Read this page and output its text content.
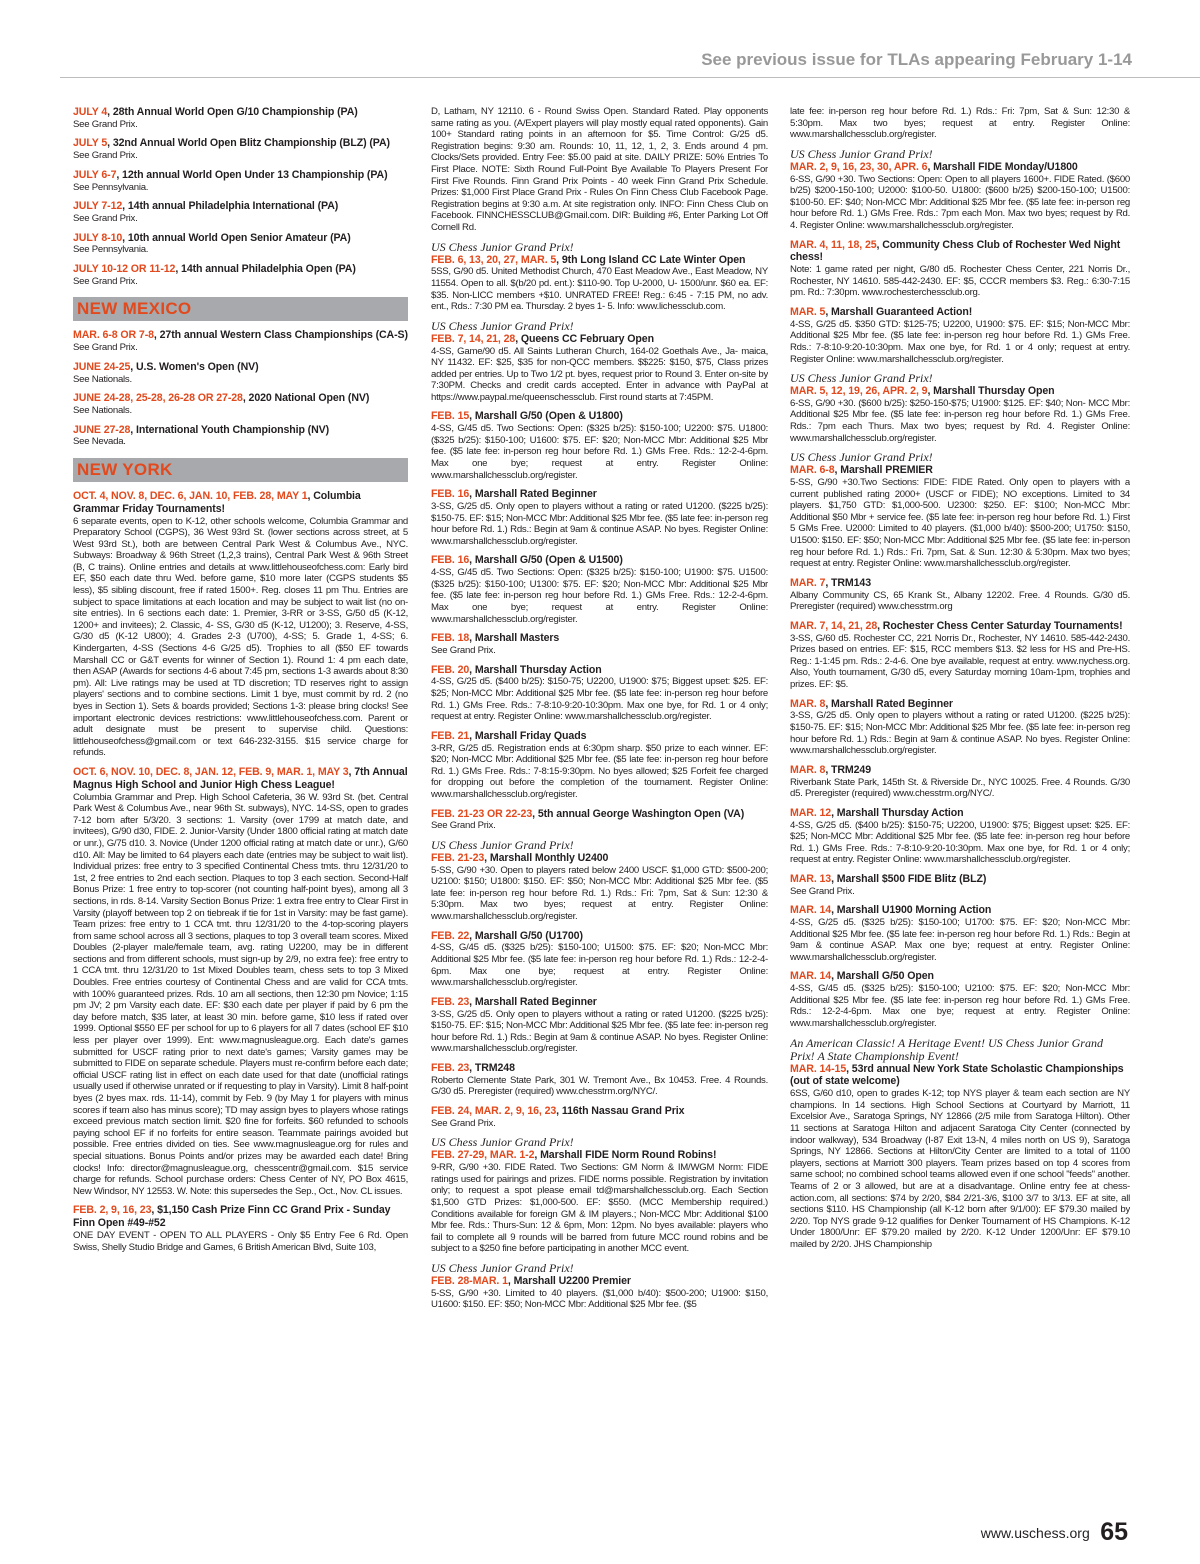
See previous issue for TLAs appearing February 1-14
JULY 4, 28th Annual World Open G/10 Championship (PA)
See Grand Prix.
JULY 5, 32nd Annual World Open Blitz Championship (BLZ) (PA)
See Grand Prix.
JULY 6-7, 12th annual World Open Under 13 Championship (PA)
See Pennsylvania.
JULY 7-12, 14th annual Philadelphia International (PA)
See Grand Prix.
JULY 8-10, 10th annual World Open Senior Amateur (PA)
See Pennsylvania.
JULY 10-12 OR 11-12, 14th annual Philadelphia Open (PA)
See Grand Prix.
NEW MEXICO
MAR. 6-8 OR 7-8, 27th annual Western Class Championships (CA-S)
See Grand Prix.
JUNE 24-25, U.S. Women's Open (NV)
See Nationals.
JUNE 24-28, 25-28, 26-28 OR 27-28, 2020 National Open (NV)
See Nationals.
JUNE 27-28, International Youth Championship (NV)
See Nevada.
NEW YORK
OCT. 4, NOV. 8, DEC. 6, JAN. 10, FEB. 28, MAY 1, Columbia Grammar Friday Tournaments!
6 separate events, open to K-12, other schools welcome, Columbia Grammar and Preparatory School (CGPS), 36 West 93rd St. (lower sections across street, at 5 West 93rd St.), both are between Central Park West & Columbus Ave., NYC. Subways: Broadway & 96th Street (1,2,3 trains), Central Park West & 96th Street (B, C trains). Online entries and details at www.littlehouseofchess.com: Early bird EF, $50 each date thru Wed. before game, $10 more later (CGPS students $5 less), $5 sibling discount, free if rated 1500+. Reg. closes 11 pm Thu. Entries are subject to space limitations at each location and may be subject to wait list (no on-site entries). In 6 sections each date: 1. Premier, 3-RR or 3-SS, G/50 d5 (K-12, 1200+ and invitees); 2. Classic, 4- SS, G/30 d5 (K-12, U1200); 3. Reserve, 4-SS, G/30 d5 (K-12 U800); 4. Grades 2-3 (U700), 4-SS; 5. Grade 1, 4-SS; 6. Kindergarten, 4-SS (Sections 4-6 G/25 d5). Trophies to all ($50 EF towards Marshall CC or G&T events for winner of Section 1). Round 1: 4 pm each date, then ASAP (Awards for sections 4-6 about 7:45 pm, sections 1-3 awards about 8:30 pm). All: Live ratings may be used at TD discretion; TD reserves right to assign players' sections and to combine sections. Limit 1 bye, must commit by rd. 2 (no byes in Section 1). Sets & boards provided; Sections 1-3: please bring clocks! See important electronic devices restrictions: www.littlehouseofchess.com. Parent or adult designate must be present to supervise child. Questions: littlehouseofchess@gmail.com or text 646-232-3155. $15 service charge for refunds.
OCT. 6, NOV. 10, DEC. 8, JAN. 12, FEB. 9, MAR. 1, MAY 3, 7th Annual Magnus High School and Junior High Chess League!
Columbia Grammar and Prep. High School Cafeteria, 36 W. 93rd St. (bet. Central Park West & Columbus Ave., near 96th St. subways), NYC. 14-SS, open to grades 7-12 born after 5/3/20. 3 sections: 1. Varsity (over 1799 at match date, and invitees), G/90 d30, FIDE. 2. Junior-Varsity (Under 1800 official rating at match date or unr.), G/75 d10. 3. Novice (Under 1200 official rating at match date or unr.), G/60 d10. All: May be limited to 64 players each date (entries may be subject to wait list). Individual prizes: free entry to 3 specified Continental Chess tmts. thru 12/31/20 to 1st, 2 free entries to 2nd each section. Plaques to top 3 each section. Second-Half Bonus Prize: 1 free entry to top-scorer (not counting half-point byes), among all 3 sections, in rds. 8-14. Varsity Section Bonus Prize: 1 extra free entry to Clear First in Varsity (playoff between top 2 on tiebreak if tie for 1st in Varsity: may be fast game). Team prizes: free entry to 1 CCA tmt. thru 12/31/20 to the 4-top-scoring players from same school across all 3 sections, plaques to top 3 overall team scores. Mixed Doubles (2-player male/female team, avg. rating U2200, may be in different sections and from different schools, must sign-up by 2/9, no extra fee): free entry to 1 CCA tmt. thru 12/31/20 to 1st Mixed Doubles team, chess sets to top 3 Mixed Doubles. Free entries courtesy of Continental Chess and are valid for CCA tmts. with 100% guaranteed prizes. Rds. 10 am all sections, then 12:30 pm Novice; 1:15 pm JV; 2 pm Varsity each date. EF: $30 each date per player if paid by 6 pm the day before match, $35 later, at least 30 min. before game, $10 less if rated over 1999. Optional $550 EF per school for up to 6 players for all 7 dates (school EF $10 less per player over 1999). Ent: www.magnusleague.org. Each date's games submitted for USCF rating prior to next date's games; Varsity games may be submitted to FIDE on separate schedule. Players must re-confirm before each date; official USCF rating list in effect on each date used for that date (unofficial ratings usually used if otherwise unrated or if requesting to play in Varsity). Limit 8 half-point byes (2 byes max. rds. 11-14), commit by Feb. 9 (by May 1 for players with minus scores if team also has minus score); TD may assign byes to players whose ratings exceed previous match section limit. $20 fine for forfeits. $60 refunded to schools paying school EF if no forfeits for entire season. Teammate pairings avoided but possible. Free entries divided on ties. See www.magnusleague.org for rules and special situations. Bonus Points and/or prizes may be awarded each date! Bring clocks! Info: director@magnusleague.org, chesscentr@gmail.com. $15 service charge for refunds. School purchase orders: Chess Center of NY, PO Box 4615, New Windsor, NY 12553. W. Note: this supersedes the Sep., Oct., Nov. CL issues.
FEB. 2, 9, 16, 23, $1,150 Cash Prize Finn CC Grand Prix - Sunday Finn Open #49-#52
ONE DAY EVENT - OPEN TO ALL PLAYERS - Only $5 Entry Fee 6 Rd. Open Swiss, Shelly Studio Bridge and Games, 6 British American Blvd, Suite 103,
D, Latham, NY 12110. 6 - Round Swiss Open. Standard Rated. Play opponents same rating as you. (A/Expert players will play mostly equal rated opponents). Gain 100+ Standard rating points in an afternoon for $5. Time Control: G/25 d5. Registration begins: 9:30 am. Rounds: 10, 11, 12, 1, 2, 3. Ends around 4 pm. Clocks/Sets provided. Entry Fee: $5.00 paid at site. DAILY PRIZE: 50% Entries To First Place. NOTE: Sixth Round Full-Point Bye Available To Players Present For First Five Rounds. Finn Grand Prix Points - 40 week Finn Grand Prix Schedule. Prizes: $1,000 First Place Grand Prix - Rules On Finn Chess Club Facebook Page. Registration begins at 9:30 a.m. At site registration only. INFO: Finn Chess Club on Facebook. FINNCHESSCLUB@Gmail.com. DIR: Building #6, Enter Parking Lot Off Cornell Rd.
US Chess Junior Grand Prix!
FEB. 6, 13, 20, 27, MAR. 5, 9th Long Island CC Late Winter Open
5SS, G/90 d5. United Methodist Church, 470 East Meadow Ave., East Meadow, NY 11554. Open to all. $(b/20 pd. ent.): $110-90. Top U-2000, U- 1500/unr. $60 ea. EF: $35. Non-LICC members +$10. UNRATED FREE! Reg.: 6:45 - 7:15 PM, no adv. ent., Rds.: 7:30 PM ea. Thursday. 2 byes 1- 5. Info: www.lichessclub.com.
US Chess Junior Grand Prix!
FEB. 7, 14, 21, 28, Queens CC February Open
4-SS, Game/90 d5. All Saints Lutheran Church, 164-02 Goethals Ave., Ja- maica, NY 11432. EF: $25, $35 for non-QCC members. $$225: $150, $75, Class prizes added per entries. Up to Two 1/2 pt. byes, request prior to Round 3. Enter on-site by 7:30PM. Checks and credit cards accepted. Enter in advance with PayPal at https://www.paypal.me/queenschessclub. First round starts at 7:45PM.
FEB. 15, Marshall G/50 (Open & U1800)
4-SS, G/45 d5. Two Sections: Open: ($325 b/25): $150-100; U2200: $75. U1800: ($325 b/25): $150-100; U1600: $75. EF: $20; Non-MCC Mbr: Additional $25 Mbr fee. ($5 late fee: in-person reg hour before Rd. 1.) GMs Free. Rds.: 12-2-4-6pm. Max one bye; request at entry. Register Online: www.marshallchessclub.org/register.
FEB. 16, Marshall Rated Beginner
3-SS, G/25 d5. Only open to players without a rating or rated U1200. ($225 b/25): $150-75. EF: $15; Non-MCC Mbr: Additional $25 Mbr fee. ($5 late fee: in-person reg hour before Rd. 1.) Rds.: Begin at 9am & continue ASAP. No byes. Register Online: www.marshallchessclub.org/register.
FEB. 16, Marshall G/50 (Open & U1500)
4-SS, G/45 d5. Two Sections: Open: ($325 b/25): $150-100; U1900: $75. U1500: ($325 b/25): $150-100; U1300: $75. EF: $20; Non-MCC Mbr: Additional $25 Mbr fee. ($5 late fee: in-person reg hour before Rd. 1.) GMs Free. Rds.: 12-2-4-6pm. Max one bye; request at entry. Register Online: www.marshallchessclub.org/register.
FEB. 18, Marshall Masters
See Grand Prix.
FEB. 20, Marshall Thursday Action
4-SS, G/25 d5. ($400 b/25): $150-75; U2200, U1900: $75; Biggest upset: $25. EF: $25; Non-MCC Mbr: Additional $25 Mbr fee. ($5 late fee: in-person reg hour before Rd. 1.) GMs Free. Rds.: 7-8:10-9:20-10:30pm. Max one bye, for Rd. 1 or 4 only; request at entry. Register Online: www.marshallchessclub.org/register.
FEB. 21, Marshall Friday Quads
3-RR, G/25 d5. Registration ends at 6:30pm sharp. $50 prize to each winner. EF: $20; Non-MCC Mbr: Additional $25 Mbr fee. ($5 late fee: in-person reg hour before Rd. 1.) GMs Free. Rds.: 7-8:15-9:30pm. No byes allowed; $25 Forfeit fee charged for dropping out before the completion of the tournament. Register Online: www.marshallchessclub.org/register.
FEB. 21-23 OR 22-23, 5th annual George Washington Open (VA)
See Grand Prix.
US Chess Junior Grand Prix!
FEB. 21-23, Marshall Monthly U2400
5-SS, G/90 +30. Open to players rated below 2400 USCF. $1,000 GTD: $500-200; U2100: $150; U1800: $150. EF: $50; Non-MCC Mbr: Additional $25 Mbr fee. ($5 late fee: in-person reg hour before Rd. 1.) Rds.: Fri: 7pm, Sat & Sun: 12:30 & 5:30pm. Max two byes; request at entry. Register Online: www.marshallchessclub.org/register.
FEB. 22, Marshall G/50 (U1700)
4-SS, G/45 d5. ($325 b/25): $150-100; U1500: $75. EF: $20; Non-MCC Mbr: Additional $25 Mbr fee. ($5 late fee: in-person reg hour before Rd. 1.) Rds.: 12-2-4-6pm. Max one bye; request at entry. Register Online: www.marshallchessclub.org/register.
FEB. 23, Marshall Rated Beginner
3-SS, G/25 d5. Only open to players without a rating or rated U1200. ($225 b/25): $150-75. EF: $15; Non-MCC Mbr: Additional $25 Mbr fee. ($5 late fee: in-person reg hour before Rd. 1.) Rds.: Begin at 9am & continue ASAP. No byes. Register Online: www.marshallchessclub.org/register.
FEB. 23, TRM248
Roberto Clemente State Park, 301 W. Tremont Ave., Bx 10453. Free. 4 Rounds. G/30 d5. Preregister (required) www.chesstrm.org/NYC/.
FEB. 24, MAR. 2, 9, 16, 23, 116th Nassau Grand Prix
See Grand Prix.
US Chess Junior Grand Prix!
FEB. 27-29, MAR. 1-2, Marshall FIDE Norm Round Robins!
9-RR, G/90 +30. FIDE Rated. Two Sections: GM Norm & IM/WGM Norm: FIDE ratings used for pairings and prizes. FIDE norms possible. Registration by invitation only; to request a spot please email td@marshallchessclub.org. Each Section $1,500 GTD Prizes: $1,000-500. EF: $550. (MCC Membership required.) Conditions available for foreign GM & IM players.; Non-MCC Mbr: Additional $100 Mbr fee. Rds.: Thurs-Sun: 12 & 6pm, Mon: 12pm. No byes available: players who fail to complete all 9 rounds will be barred from future MCC round robins and be subject to a $250 fine before participating in another MCC event.
US Chess Junior Grand Prix!
FEB. 28-MAR. 1, Marshall U2200 Premier
5-SS, G/90 +30. Limited to 40 players. ($1,000 b/40): $500-200; U1900: $150, U1600: $150. EF: $50; Non-MCC Mbr: Additional $25 Mbr fee. ($5
late fee: in-person reg hour before Rd. 1.) Rds.: Fri: 7pm, Sat & Sun: 12:30 & 5:30pm. Max two byes; request at entry. Register Online: www.marshallchessclub.org/register.
US Chess Junior Grand Prix!
MAR. 2, 9, 16, 23, 30, APR. 6, Marshall FIDE Monday/U1800
6-SS, G/90 +30. Two Sections: Open: Open to all players 1600+. FIDE Rated. ($600 b/25) $200-150-100; U2000: $100-50. U1800: ($600 b/25) $200-150-100; U1500: $100-50. EF: $40; Non-MCC Mbr: Additional $25 Mbr fee. ($5 late fee: in-person reg hour before Rd. 1.) GMs Free. Rds.: 7pm each Mon. Max two byes; request by Rd. 4. Register Online: www.marshallchessclub.org/register.
MAR. 4, 11, 18, 25, Community Chess Club of Rochester Wed Night chess!
Note: 1 game rated per night, G/80 d5. Rochester Chess Center, 221 Norris Dr., Rochester, NY 14610. 585-442-2430. EF: $5, CCCR members $3. Reg.: 6:30-7:15 pm. Rd.: 7:30pm. www.rochesterchessclub.org.
MAR. 5, Marshall Guaranteed Action!
4-SS, G/25 d5. $350 GTD: $125-75; U2200, U1900: $75. EF: $15; Non-MCC Mbr: Additional $25 Mbr fee. ($5 late fee: in-person reg hour before Rd. 1.) GMs Free. Rds.: 7-8:10-9:20-10:30pm. Max one bye, for Rd. 1 or 4 only; request at entry. Register Online: www.marshallchessclub.org/register.
US Chess Junior Grand Prix!
MAR. 5, 12, 19, 26, APR. 2, 9, Marshall Thursday Open
6-SS, G/90 +30. ($600 b/25): $250-150-$75; U1900: $125. EF: $40; Non- MCC Mbr: Additional $25 Mbr fee. ($5 late fee: in-person reg hour before Rd. 1.) GMs Free. Rds.: 7pm each Thurs. Max two byes; request by Rd. 4. Register Online: www.marshallchessclub.org/register.
US Chess Junior Grand Prix!
MAR. 6-8, Marshall PREMIER
5-SS, G/90 +30.Two Sections: FIDE: FIDE Rated. Only open to players with a current published rating 2000+ (USCF or FIDE); NO exceptions. Limited to 34 players. $1,750 GTD: $1,000-500. U2300: $250. EF: $100; Non-MCC Mbr: Additional $50 Mbr + service fee. ($5 late fee: in-person reg hour before Rd. 1.) First 5 GMs Free. U2000: Limited to 40 players. ($1,000 b/40): $500-200; U1750: $150, U1500: $150. EF: $50; Non-MCC Mbr: Additional $25 Mbr fee. ($5 late fee: in-person reg hour before Rd. 1.) Rds.: Fri. 7pm, Sat. & Sun. 12:30 & 5:30pm. Max two byes; request at entry. Register Online: www.marshallchessclub.org/register.
MAR. 7, TRM143
Albany Community CS, 65 Krank St., Albany 12202. Free. 4 Rounds. G/30 d5. Preregister (required) www.chesstrm.org
MAR. 7, 14, 21, 28, Rochester Chess Center Saturday Tournaments!
3-SS, G/60 d5. Rochester CC, 221 Norris Dr., Rochester, NY 14610. 585-442-2430. Prizes based on entries. EF: $15, RCC members $13. $2 less for HS and Pre-HS. Reg.: 1-1:45 pm. Rds.: 2-4-6. One bye available, request at entry. www.nychess.org. Also, Youth tournament, G/30 d5, every Saturday morning 10am-1pm, trophies and prizes. EF: $5.
MAR. 8, Marshall Rated Beginner
3-SS, G/25 d5. Only open to players without a rating or rated U1200. ($225 b/25): $150-75. EF: $15; Non-MCC Mbr: Additional $25 Mbr fee. ($5 late fee: in-person reg hour before Rd. 1.) Rds.: Begin at 9am & continue ASAP. No byes. Register Online: www.marshallchessclub.org/register.
MAR. 8, TRM249
Riverbank State Park, 145th St. & Riverside Dr., NYC 10025. Free. 4 Rounds. G/30 d5. Preregister (required) www.chesstrm.org/NYC/.
MAR. 12, Marshall Thursday Action
4-SS, G/25 d5. ($400 b/25): $150-75; U2200, U1900: $75; Biggest upset: $25. EF: $25; Non-MCC Mbr: Additional $25 Mbr fee. ($5 late fee: in-person reg hour before Rd. 1.) GMs Free. Rds.: 7-8:10-9:20-10:30pm. Max one bye, for Rd. 1 or 4 only; request at entry. Register Online: www.marshallchessclub.org/register.
MAR. 13, Marshall $500 FIDE Blitz (BLZ)
See Grand Prix.
MAR. 14, Marshall U1900 Morning Action
4-SS, G/25 d5. ($325 b/25): $150-100; U1700: $75. EF: $20; Non-MCC Mbr: Additional $25 Mbr fee. ($5 late fee: in-person reg hour before Rd. 1.) Rds.: Begin at 9am & continue ASAP. Max one bye; request at entry. Register Online: www.marshallchessclub.org/register.
MAR. 14, Marshall G/50 Open
4-SS, G/45 d5. ($325 b/25): $150-100; U2100: $75. EF: $20; Non-MCC Mbr: Additional $25 Mbr fee. ($5 late fee: in-person reg hour before Rd. 1.) GMs Free. Rds.: 12-2-4-6pm. Max one bye; request at entry. Register Online: www.marshallchessclub.org/register.
An American Classic! A Heritage Event! US Chess Junior Grand Prix! A State Championship Event!
MAR. 14-15, 53rd annual New York State Scholastic Championships (out of state welcome)
6SS, G/60 d10, open to grades K-12; top NYS player & team each section are NY champions. In 14 sections. High School Sections at Courtyard by Marriott, 11 Excelsior Ave., Saratoga Springs, NY 12866 (2/5 mile from Saratoga Hilton). Other 11 sections at Saratoga Hilton and adjacent Saratoga City Center (connected by indoor walkway), 534 Broadway (I-87 Exit 13-N, 4 miles north on US 9), Saratoga Springs, NY 12866. Sections at Hilton/City Center are limited to a total of 1100 players, sections at Marriott 300 players. Team prizes based on top 4 scores from same school; no combined school teams allowed even if one school "feeds" another. Teams of 2 or 3 allowed, but are at a disadvantage. Online entry fee at chess-action.com, all sections: $74 by 2/20, $84 2/21-3/6, $100 3/7 to 3/13. EF at site, all sections $110. HS Championship (all K-12 born after 9/1/00): EF $79.30 mailed by 2/20. Top NYS grade 9-12 qualifies for Denker Tournament of HS Champions. K-12 Under 1800/Unr: EF $79.20 mailed by 2/20. K-12 Under 1200/Unr: EF $79.10 mailed by 2/20. JHS Championship
www.uschess.org 65
